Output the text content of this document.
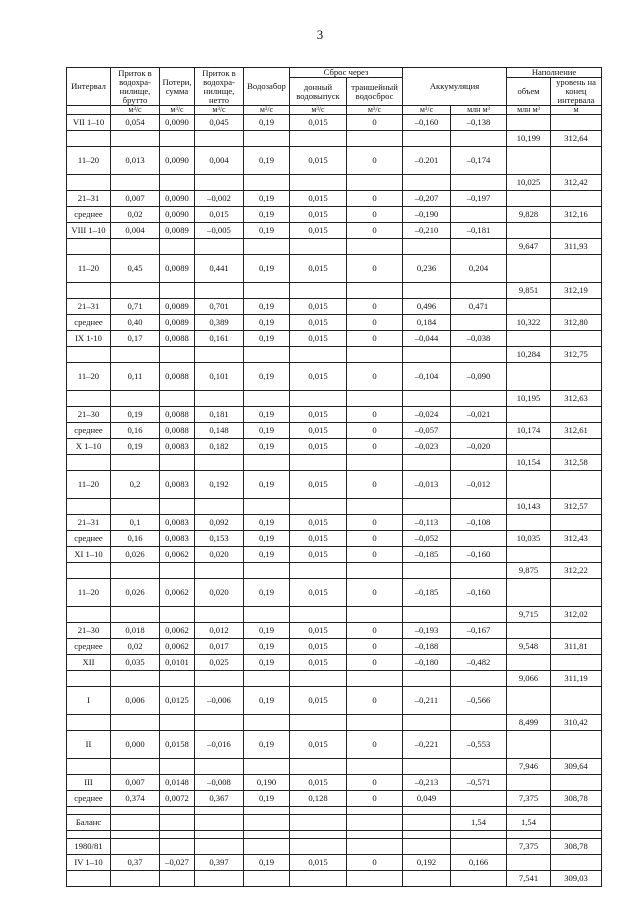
3
Интервал	Приток в водохра-нилище, брутто	Потери, сумма	Приток в водохра-нилище, нетто	Водозабор	Сброс через		Аккумуляция		Наполнение	
					донный водовыпуск	траншейный водосброс			объем	уровень на конец интервала
	м³/с	м³/с	м³/с	м³/с	м³/с	м³/с	м³/с	млн м³	млн м³	м
VII 1–10	0,054	0,0090	0,045	0,19	0,015	0	–0,160	–0,138		
									10,199	312,64
11–20	0,013	0,0090	0,004	0,19	0,015	0	–0.201	–0,174		
									10,025	312,42
21–31	0,007	0,0090	–0,002	0,19	0,015	0	–0,207	–0,197		
среднее	0,02	0,0090	0,015	0,19	0,015	0	–0,190		9,828	312,16
VIII 1–10	0,004	0,0089	–0,005	0,19	0,015	0	–0,210	–0,181		
									9,647	311,93
11–20	0,45	0,0089	0,441	0,19	0,015	0	0,236	0,204		
									9,851	312,19
21–31	0,71	0,0089	0,701	0,19	0,015	0	0,496	0,471		
среднее	0,40	0,0089	0,389	0,19	0,015	0	0,184		10,322	312,80
IX 1-10	0,17	0,0088	0,161	0,19	0,015	0	–0,044	–0,038		
									10,284	312,75
11–20	0,11	0,0088	0,101	0,19	0,015	0	–0,104	–0,090		
									10,195	312,63
21–30	0,19	0,0088	0,181	0,19	0,015	0	–0,024	–0,021		
среднее	0,16	0,0088	0,148	0,19	0,015	0	–0,057		10,174	312,61
X 1–10	0,19	0,0083	0,182	0,19	0,015	0	–0,023	–0,020		
									10,154	312,58
11–20	0,2	0,0083	0,192	0,19	0,015	0	–0,013	–0,012		
									10,143	312,57
21–31	0,1	0,0083	0,092	0,19	0,015	0	–0,113	–0,108		
среднее	0,16	0,0083	0,153	0,19	0,015	0	–0,052		10,035	312,43
XI 1–10	0,026	0,0062	0,020	0,19	0,015	0	–0,185	–0,160		
									9,875	312,22
11–20	0,026	0,0062	0,020	0,19	0,015	0	–0,185	–0,160		
									9,715	312,02
21–30	0,018	0,0062	0,012	0,19	0,015	0	–0,193	–0,167		
среднее	0,02	0,0062	0,017	0,19	0,015	0	–0,188		9,548	311,81
XII	0,035	0,0101	0,025	0,19	0,015	0	–0,180	–0,482		
									9,066	311,19
I	0,006	0,0125	–0,006	0,19	0,015	0	–0,211	–0,566		
									8,499	310,42
II	0,000	0,0158	–0,016	0,19	0,015	0	–0,221	–0,553		
									7,946	309,64
III	0,007	0,0148	–0,008	0,190	0,015	0	–0,213	–0,571		
среднее	0,374	0,0072	0,367	0,19	0,128	0	0,049		7,375	308,78

Баланс								1,54	1,54	

1980/81									7,375	308,78
IV 1–10	0,37	–0,027	0,397	0,19	0,015	0	0,192	0,166		
									7,541	309,03
